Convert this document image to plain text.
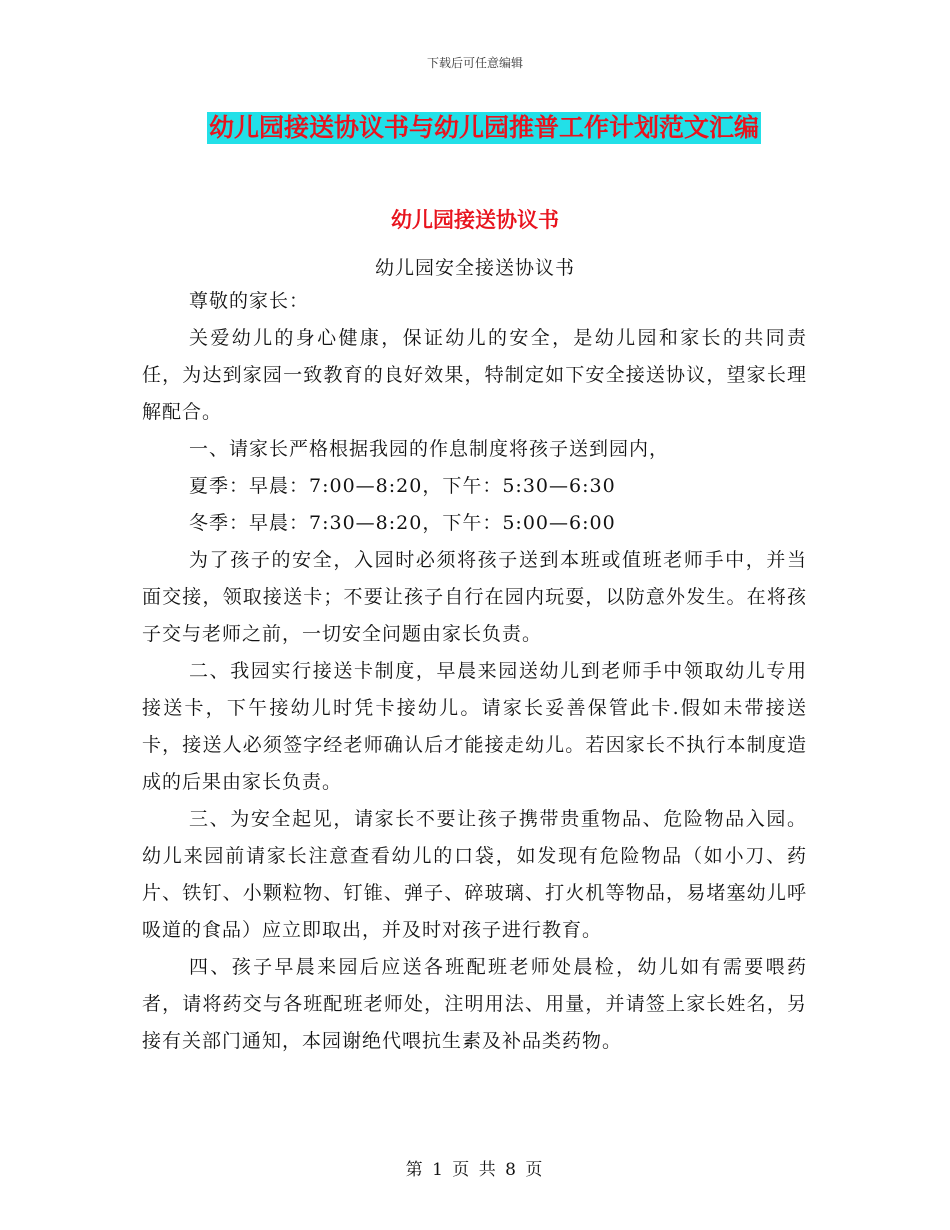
下载后可任意编辑
幼儿园接送协议书与幼儿园推普工作计划范文汇编
幼儿园接送协议书
幼儿园安全接送协议书

尊敬的家长：

关爱幼儿的身心健康，保证幼儿的安全，是幼儿园和家长的共同责任，为达到家园一致教育的良好效果，特制定如下安全接送协议，望家长理解配合。

一、请家长严格根据我园的作息制度将孩子送到园内，

夏季：早晨：7:00—8:20，下午：5:30—6:30

冬季：早晨：7:30—8:20，下午：5:00—6:00

为了孩子的安全，入园时必须将孩子送到本班或值班老师手中，并当面交接，领取接送卡；不要让孩子自行在园内玩耍，以防意外发生。在将孩子交与老师之前，一切安全问题由家长负责。

二、我园实行接送卡制度，早晨来园送幼儿到老师手中领取幼儿专用接送卡，下午接幼儿时凭卡接幼儿。请家长妥善保管此卡.假如未带接送卡，接送人必须签字经老师确认后才能接走幼儿。若因家长不执行本制度造成的后果由家长负责。

三、为安全起见，请家长不要让孩子携带贵重物品、危险物品入园。幼儿来园前请家长注意查看幼儿的口袋，如发现有危险物品（如小刀、药片、铁钉、小颗粒物、钉锥、弹子、碎玻璃、打火机等物品，易堵塞幼儿呼吸道的食品）应立即取出，并及时对孩子进行教育。

四、孩子早晨来园后应送各班配班老师处晨检，幼儿如有需要喂药者，请将药交与各班配班老师处，注明用法、用量，并请签上家长姓名，另接有关部门通知，本园谢绝代喂抗生素及补品类药物。

第 1 页 共 8 页
